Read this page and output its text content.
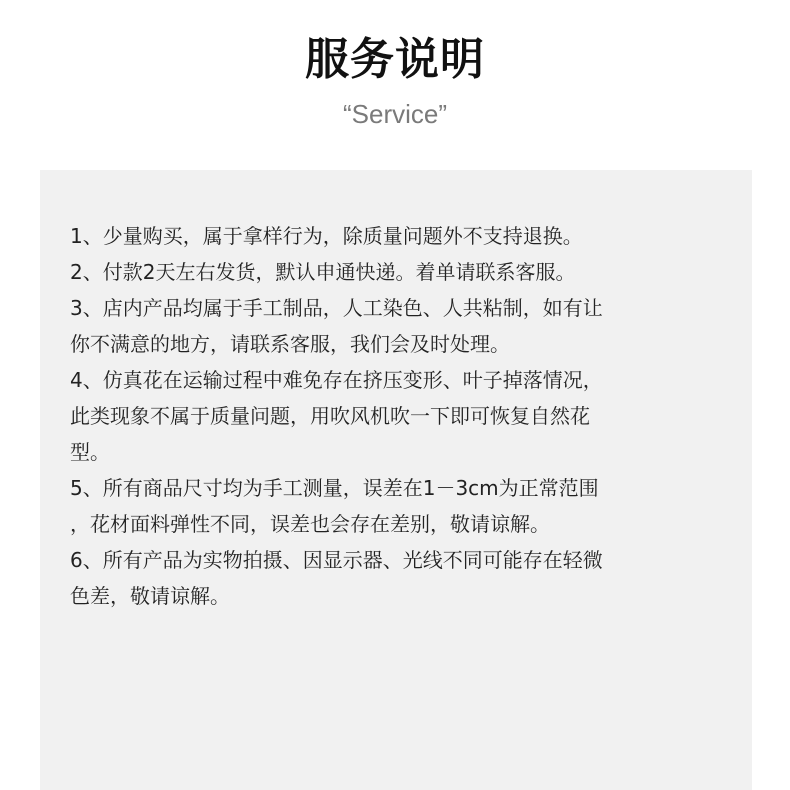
服务说明
“Service”
1、少量购买，属于拿样行为，除质量问题外不支持退换。
2、付款2天左右发货，默认申通快递。着单请联系客服。
3、店内产品均属于手工制品，人工染色、人共粘制，如有让
你不满意的地方，请联系客服，我们会及时处理。
4、仿真花在运输过程中难免存在挤压变形、叶子掉落情况，
此类现象不属于质量问题，用吹风机吹一下即可恢复自然花
型。
5、所有商品尺寸均为手工测量，误差在1－3cm为正常范围
，花材面料弹性不同，误差也会存在差别，敬请谅解。
6、所有产品为实物拍摄、因显示器、光线不同可能存在轻微
色差，敬请谅解。
